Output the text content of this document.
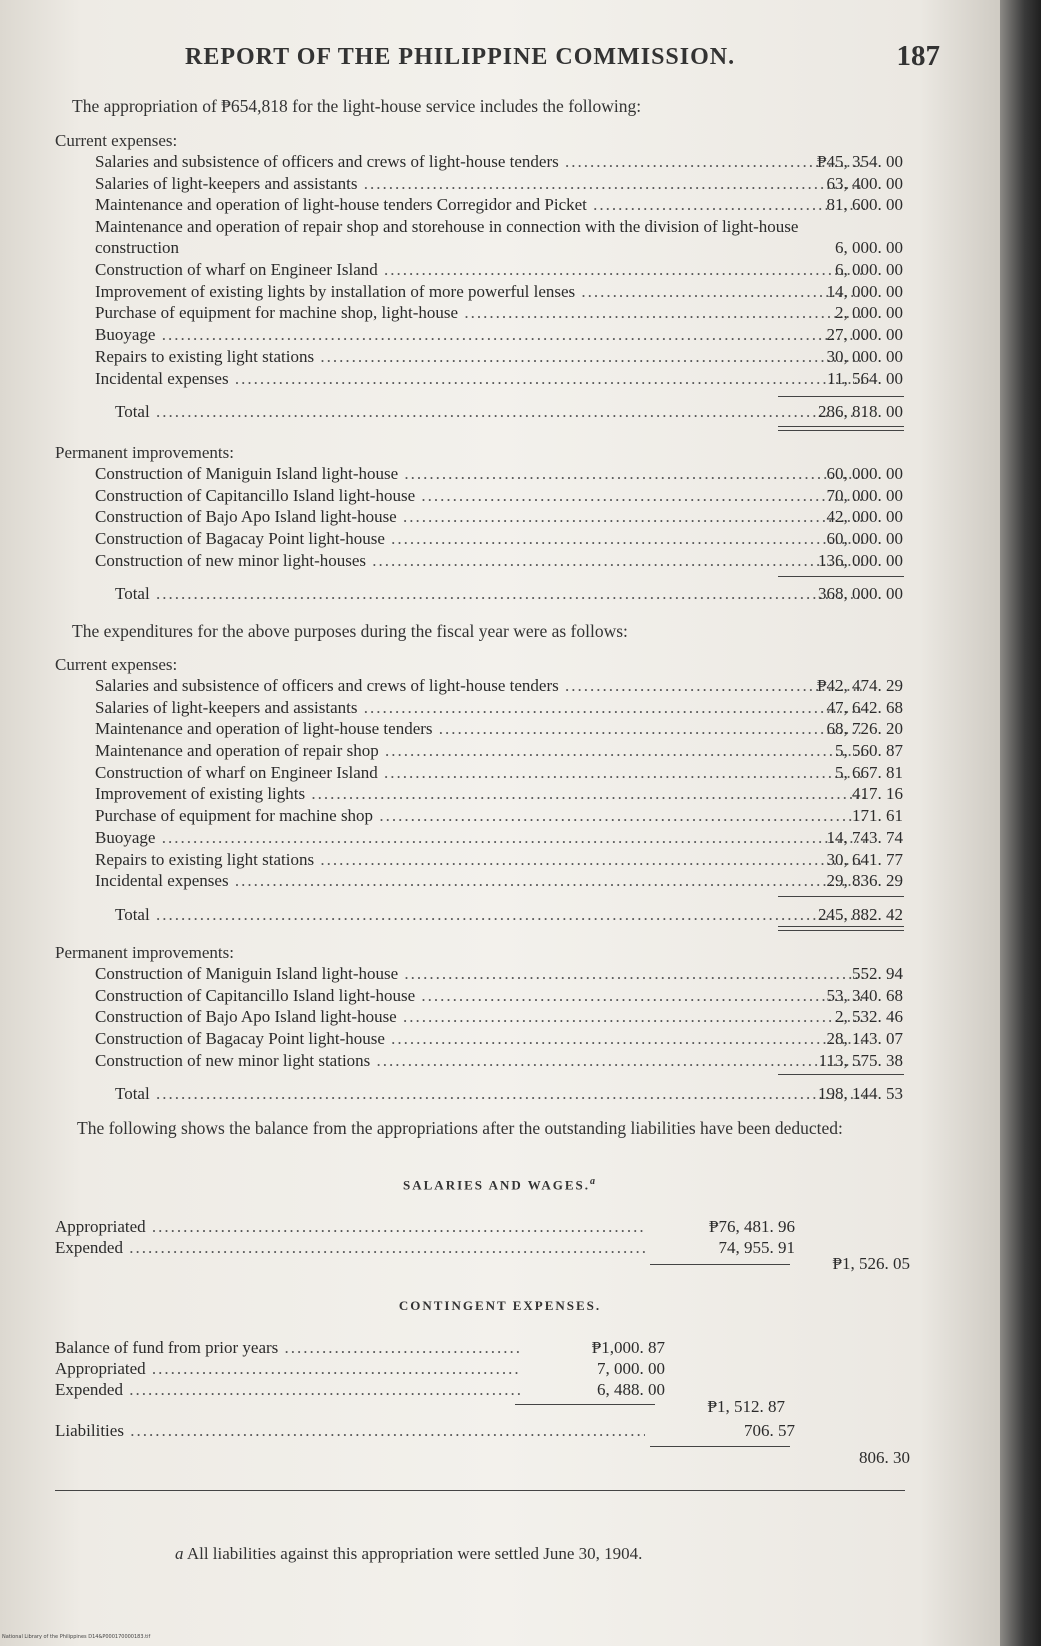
REPORT OF THE PHILIPPINE COMMISSION.	187
The appropriation of ₱654,818 for the light-house service includes the following:
Current expenses:
Salaries and subsistence of officers and crews of light-house tenders .....	₱45, 354. 00
Salaries of light-keepers and assistants .....	63, 400. 00
Maintenance and operation of light-house tenders Corregidor and Picket .....	81, 600. 00
Maintenance and operation of repair shop and storehouse in connection with the division of light-house construction .....	6, 000. 00
Construction of wharf on Engineer Island .....	6, 000. 00
Improvement of existing lights by installation of more powerful lenses .....	14, 000. 00
Purchase of equipment for machine shop, light-house .....	2, 000. 00
Buoyage .....	27, 000. 00
Repairs to existing light stations .....	30, 000. 00
Incidental expenses .....	11, 564. 00
Total .....	286, 818. 00
Permanent improvements:
Construction of Maniguin Island light-house .....	60, 000. 00
Construction of Capitancillo Island light-house .....	70, 000. 00
Construction of Bajo Apo Island light-house .....	42, 000. 00
Construction of Bagacay Point light-house .....	60, 000. 00
Construction of new minor light-houses .....	136, 000. 00
Total .....	368, 000. 00
The expenditures for the above purposes during the fiscal year were as follows:
Current expenses:
Salaries and subsistence of officers and crews of light-house tenders .....	₱42, 474. 29
Salaries of light-keepers and assistants .....	47, 642. 68
Maintenance and operation of light-house tenders .....	68, 726. 20
Maintenance and operation of repair shop .....	5, 560. 87
Construction of wharf on Engineer Island .....	5, 667. 81
Improvement of existing lights .....	417. 16
Purchase of equipment for machine shop .....	171. 61
Buoyage .....	14, 743. 74
Repairs to existing light stations .....	30, 641. 77
Incidental expenses .....	29, 836. 29
Total .....	245, 882. 42
Permanent improvements:
Construction of Maniguin Island light-house .....	552. 94
Construction of Capitancillo Island light-house .....	53, 340. 68
Construction of Bajo Apo Island light-house .....	2, 532. 46
Construction of Bagacay Point light-house .....	28, 143. 07
Construction of new minor light stations .....	113, 575. 38
Total .....	198, 144. 53
The following shows the balance from the appropriations after the outstanding liabilities have been deducted:
SALARIES AND WAGES.$^a$
Appropriated .....	₱76, 481. 96
Expended .....	74, 955. 91
₱1, 526. 05
CONTINGENT EXPENSES.
Balance of fund from prior years .....	₱1,000. 87
Appropriated .....	7, 000. 00
Expended .....	6, 488. 00
₱1, 512. 87
Liabilities .....	706. 57
806. 30
a All liabilities against this appropriation were settled June 30, 1904.
National Library of the Philippines D14&P000170000183.tif
